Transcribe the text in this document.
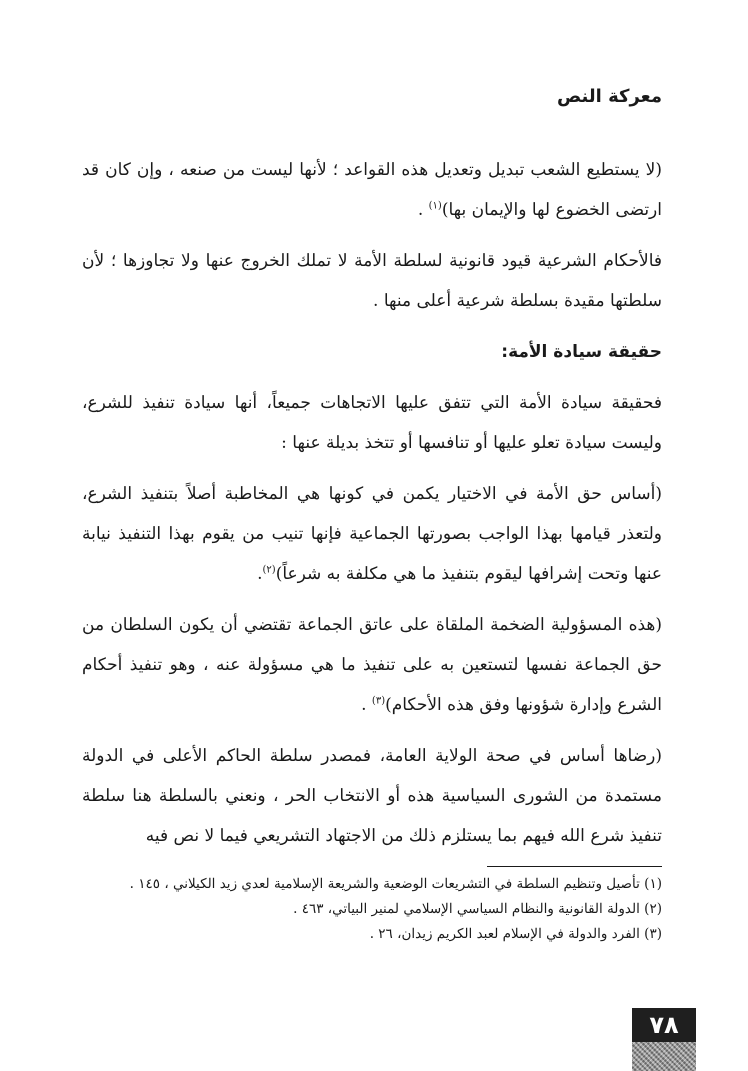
معركة النص

(لا يستطيع الشعب تبديل وتعديل هذه القواعد ؛ لأنها ليست من صنعه ، وإن كان قد ارتضى الخضوع لها والإيمان بها)$^{(١)}$ .

فالأحكام الشرعية قيود قانونية لسلطة الأمة لا تملك الخروج عنها ولا تجاوزها ؛ لأن سلطتها مقيدة بسلطة شرعية أعلى منها .

حقيقة سيادة الأمة:

فحقيقة سيادة الأمة التي تتفق عليها الاتجاهات جميعاً، أنها سيادة تنفيذ للشرع، وليست سيادة تعلو عليها أو تنافسها أو تتخذ بديلة عنها :

(أساس حق الأمة في الاختيار يكمن في كونها هي المخاطبة أصلاً بتنفيذ الشرع، ولتعذر قيامها بهذا الواجب بصورتها الجماعية فإنها تنيب من يقوم بهذا التنفيذ نيابة عنها وتحت إشرافها ليقوم بتنفيذ ما هي مكلفة به شرعاً)$^{(٢)}$.

(هذه المسؤولية الضخمة الملقاة على عاتق الجماعة تقتضي أن يكون السلطان من حق الجماعة نفسها لتستعين به على تنفيذ ما هي مسؤولة عنه ، وهو تنفيذ أحكام الشرع وإدارة شؤونها وفق هذه الأحكام)$^{(٣)}$ .

(رضاها أساس في صحة الولاية العامة، فمصدر سلطة الحاكم الأعلى في الدولة مستمدة من الشورى السياسية هذه أو الانتخاب الحر ، ونعني بالسلطة هنا سلطة تنفيذ شرع الله فيهم بما يستلزم ذلك من الاجتهاد التشريعي فيما لا نص فيه

(١) تأصيل وتنظيم السلطة في التشريعات الوضعية والشريعة الإسلامية لعدي زيد الكيلاني ، ١٤٥ .

(٢) الدولة القانونية والنظام السياسي الإسلامي لمنير البياتي، ٤٦٣ .

(٣) الفرد والدولة في الإسلام لعبد الكريم زيدان، ٢٦ .

٧٨
